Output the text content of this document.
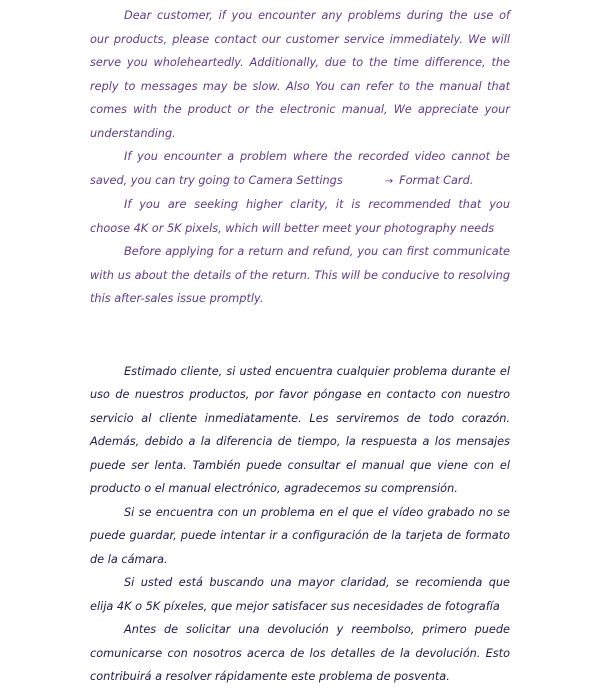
Dear customer, if you encounter any problems during the use of our products, please contact our customer service immediately. We will serve you wholeheartedly. Additionally, due to the time difference, the reply to messages may be slow. Also You can refer to the manual that comes with the product or the electronic manual, We appreciate your understanding.

If you encounter a problem where the recorded video cannot be saved, you can try going to Camera Settings	→ Format Card.

If you are seeking higher clarity, it is recommended that you choose 4K or 5K pixels, which will better meet your photography needs

Before applying for a return and refund, you can first communicate with us about the details of the return. This will be conducive to resolving this after-sales issue promptly.

Estimado cliente, si usted encuentra cualquier problema durante el uso de nuestros productos, por favor póngase en contacto con nuestro servicio al cliente inmediatamente. Les serviremos de todo corazón. Además, debido a la diferencia de tiempo, la respuesta a los mensajes puede ser lenta. También puede consultar el manual que viene con el producto o el manual electrónico, agradecemos su comprensión.

Si se encuentra con un problema en el que el vídeo grabado no se puede guardar, puede intentar ir a configuración de la tarjeta de formato de la cámara.

Si usted está buscando una mayor claridad, se recomienda que elija 4K o 5K píxeles, que mejor satisfacer sus necesidades de fotografía

Antes de solicitar una devolución y reembolso, primero puede comunicarse con nosotros acerca de los detalles de la devolución. Esto contribuirá a resolver rápidamente este problema de posventa.
